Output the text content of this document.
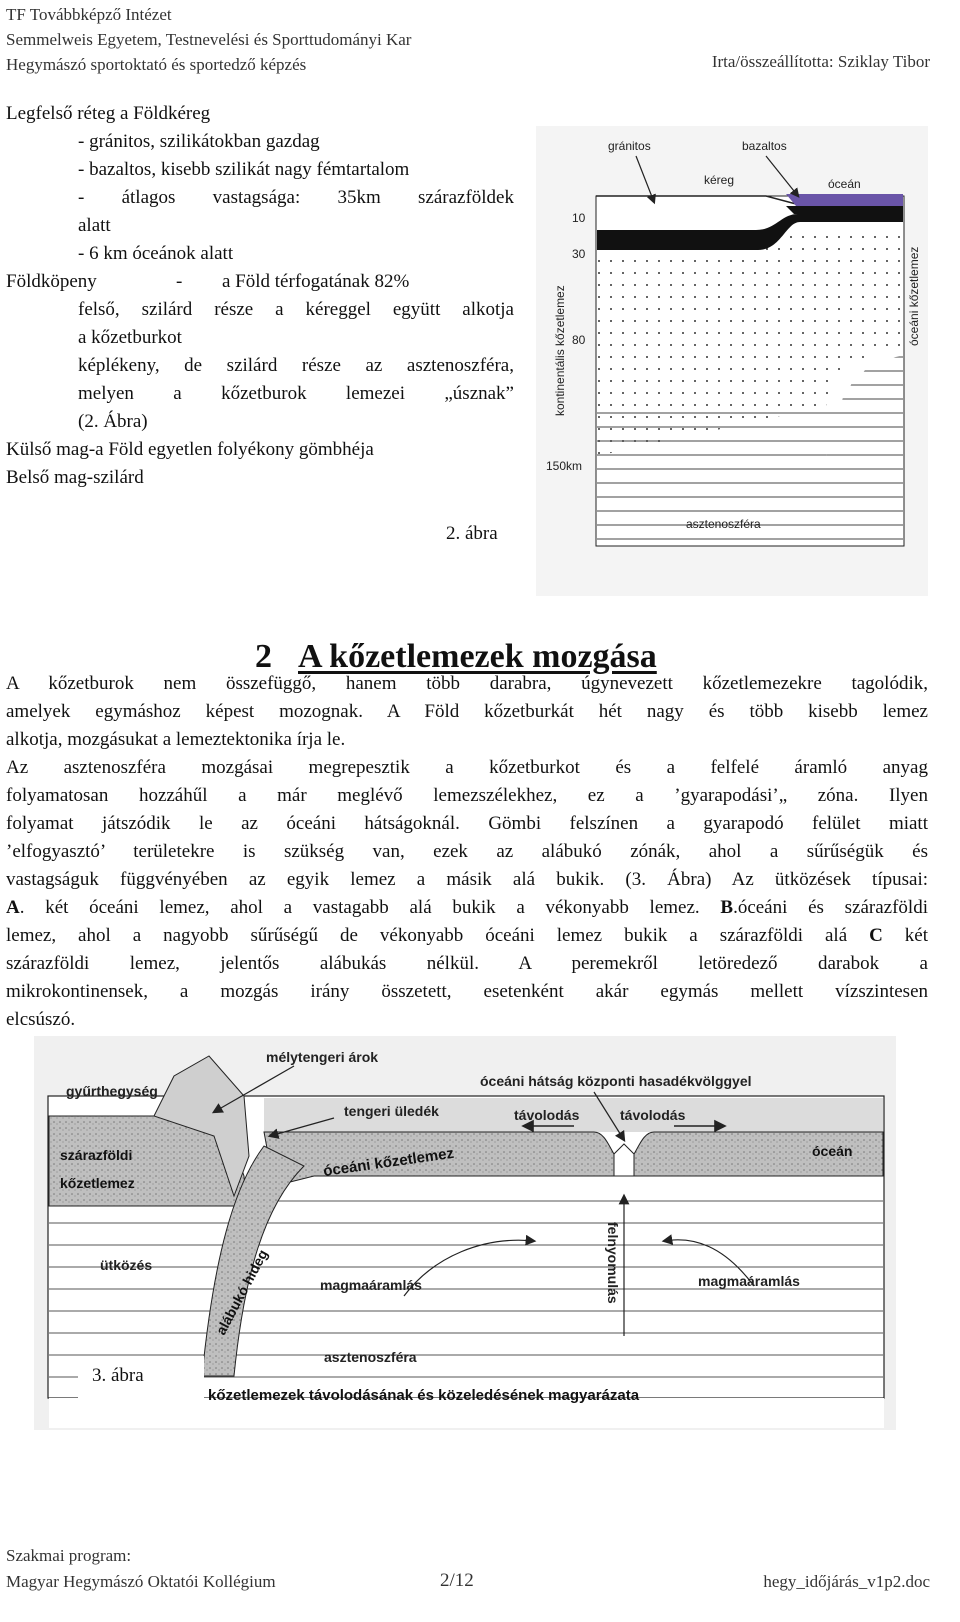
TF Továbbképző Intézet
Semmelweis Egyetem, Testnevelési és Sporttudományi Kar
Hegymászó sportoktató és sportedző képzés	Irta/összeállította: Sziklay Tibor
Legfelső réteg a Földkéreg
- gránitos, szilikátokban gazdag
- bazaltos, kisebb szilikát nagy fémtartalom
- átlagos vastagsága: 35km szárazföldek
alatt
- 6 km óceánok alatt
Földköpeny	- a Föld térfogatának 82%
felső, szilárd része a kéreggel együtt alkotja
a kőzetburkot
képlékeny, de szilárd része az asztenoszféra,
melyen a kőzetburok lemezei „úsznak”
(2. Ábra)
Külső mag-a Föld egyetlen folyékony gömbhéja
Belső mag-szilárd
2. ábra
gránitos	bazaltos
kéreg	óceán
10
30
80
150km
kontinentális kőzetlemez	óceáni kőzetlemez
asztenoszféra
2 A kőzetlemezek mozgása
A kőzetburok nem összefüggő, hanem több darabra, úgynevezett kőzetlemezekre tagolódik,
amelyek egymáshoz képest mozognak. A Föld kőzetburkát hét nagy és több kisebb lemez
alkotja, mozgásukat a lemeztektonika írja le.
Az asztenoszféra mozgásai megrepesztik a kőzetburkot és a felfelé áramló anyag
folyamatosan hozzáhűl a már meglévő lemezszélekhez, ez a ’gyarapodási’„ zóna. Ilyen
folyamat játszódik le az óceáni hátságoknál. Gömbi felszínen a gyarapodó felület miatt
’elfogyasztó’ területekre is szükség van, ezek az alábukó zónák, ahol a sűrűségük és
vastagságuk függvényében az egyik lemez a másik alá bukik. (3. Ábra) Az ütközések típusai:
A. két óceáni lemez, ahol a vastagabb alá bukik a vékonyabb lemez. B.óceáni és szárazföldi
lemez, ahol a nagyobb sűrűségű de vékonyabb óceáni lemez bukik a szárazföldi alá C két
szárazföldi lemez, jelentős alábukás nélkül. A peremekről letöredező darabok a
mikrokontinensek, a mozgás irány összetett, esetenként akár egymás mellett vízszintesen
elcsúszó.
mélytengeri árok
gyűrthegység
tengeri üledék
óceáni hátság központi hasadékvölggyel
távolodás	távolodás
szárazföldi
kőzetlemez
óceáni kőzetlemez
alábukó hideg
óceán
ütközés
magmaáramlás	felnyomulás	magmaáramlás
asztenoszféra
kőzetlemezek távolodásának és közeledésének magyarázata
3. ábra
Szakmai program:
Magyar Hegymászó Oktatói Kollégium	2/12	hegy_időjárás_v1p2.doc
